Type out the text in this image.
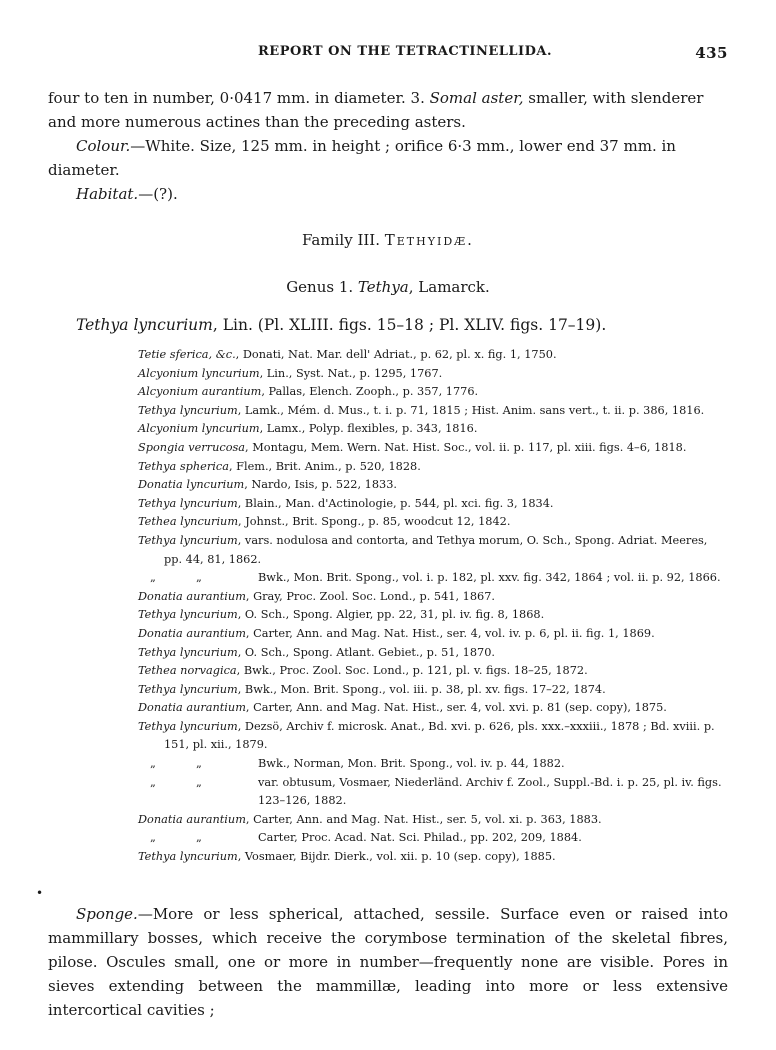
REPORT ON THE TETRACTINELLIDA.	435
four to ten in number, 0·0417 mm. in diameter. 3. Somal aster, smaller, with slenderer
and more numerous actines than the preceding asters.
Colour.—White. Size, 125 mm. in height ; orifice 6·3 mm., lower end 37 mm. in
diameter.
Habitat.—(?).
Family III. Tethyidæ.
Genus 1. Tethya, Lamarck.
Tethya lyncurium, Lin. (Pl. XLIII. figs. 15–18 ; Pl. XLIV. figs. 17–19).
Tetie sferica, &c., Donati, Nat. Mar. dell' Adriat., p. 62, pl. x. fig. 1, 1750.
Alcyonium lyncurium, Lin., Syst. Nat., p. 1295, 1767.
Alcyonium aurantium, Pallas, Elench. Zooph., p. 357, 1776.
Tethya lyncurium, Lamk., Mém. d. Mus., t. i. p. 71, 1815 ; Hist. Anim. sans vert., t. ii. p. 386, 1816.
Alcyonium lyncurium, Lamx., Polyp. flexibles, p. 343, 1816.
Spongia verrucosa, Montagu, Mem. Wern. Nat. Hist. Soc., vol. ii. p. 117, pl. xiii. figs. 4–6, 1818.
Tethya spherica, Flem., Brit. Anim., p. 520, 1828.
Donatia lyncurium, Nardo, Isis, p. 522, 1833.
Tethya lyncurium, Blain., Man. d'Actinologie, p. 544, pl. xci. fig. 3, 1834.
Tethea lyncurium, Johnst., Brit. Spong., p. 85, woodcut 12, 1842.
Tethya lyncurium, vars. nodulosa and contorta, and Tethya morum, O. Sch., Spong. Adriat. Meeres, pp. 44, 81, 1862.
„	„	Bwk., Mon. Brit. Spong., vol. i. p. 182, pl. xxv. fig. 342, 1864 ; vol. ii. p. 92, 1866.
Donatia aurantium, Gray, Proc. Zool. Soc. Lond., p. 541, 1867.
Tethya lyncurium, O. Sch., Spong. Algier, pp. 22, 31, pl. iv. fig. 8, 1868.
Donatia aurantium, Carter, Ann. and Mag. Nat. Hist., ser. 4, vol. iv. p. 6, pl. ii. fig. 1, 1869.
Tethya lyncurium, O. Sch., Spong. Atlant. Gebiet., p. 51, 1870.
Tethea norvagica, Bwk., Proc. Zool. Soc. Lond., p. 121, pl. v. figs. 18–25, 1872.
Tethya lyncurium, Bwk., Mon. Brit. Spong., vol. iii. p. 38, pl. xv. figs. 17–22, 1874.
Donatia aurantium, Carter, Ann. and Mag. Nat. Hist., ser. 4, vol. xvi. p. 81 (sep. copy), 1875.
Tethya lyncurium, Dezsö, Archiv f. microsk. Anat., Bd. xvi. p. 626, pls. xxx.–xxxiii., 1878 ; Bd. xviii. p. 151, pl. xii., 1879.
„	„	Bwk., Norman, Mon. Brit. Spong., vol. iv. p. 44, 1882.
„	„	var. obtusum, Vosmaer, Niederländ. Archiv f. Zool., Suppl.-Bd. i. p. 25, pl. iv. figs. 123–126, 1882.
Donatia aurantium, Carter, Ann. and Mag. Nat. Hist., ser. 5, vol. xi. p. 363, 1883.
„	„	Carter, Proc. Acad. Nat. Sci. Philad., pp. 202, 209, 1884.
Tethya lyncurium, Vosmaer, Bijdr. Dierk., vol. xii. p. 10 (sep. copy), 1885.
•
Sponge.—More or less spherical, attached, sessile. Surface even or raised into mammillary bosses, which receive the corymbose termination of the skeletal fibres, pilose. Oscules small, one or more in number—frequently none are visible. Pores in sieves extending between the mammillæ, leading into more or less extensive intercortical cavities ;
